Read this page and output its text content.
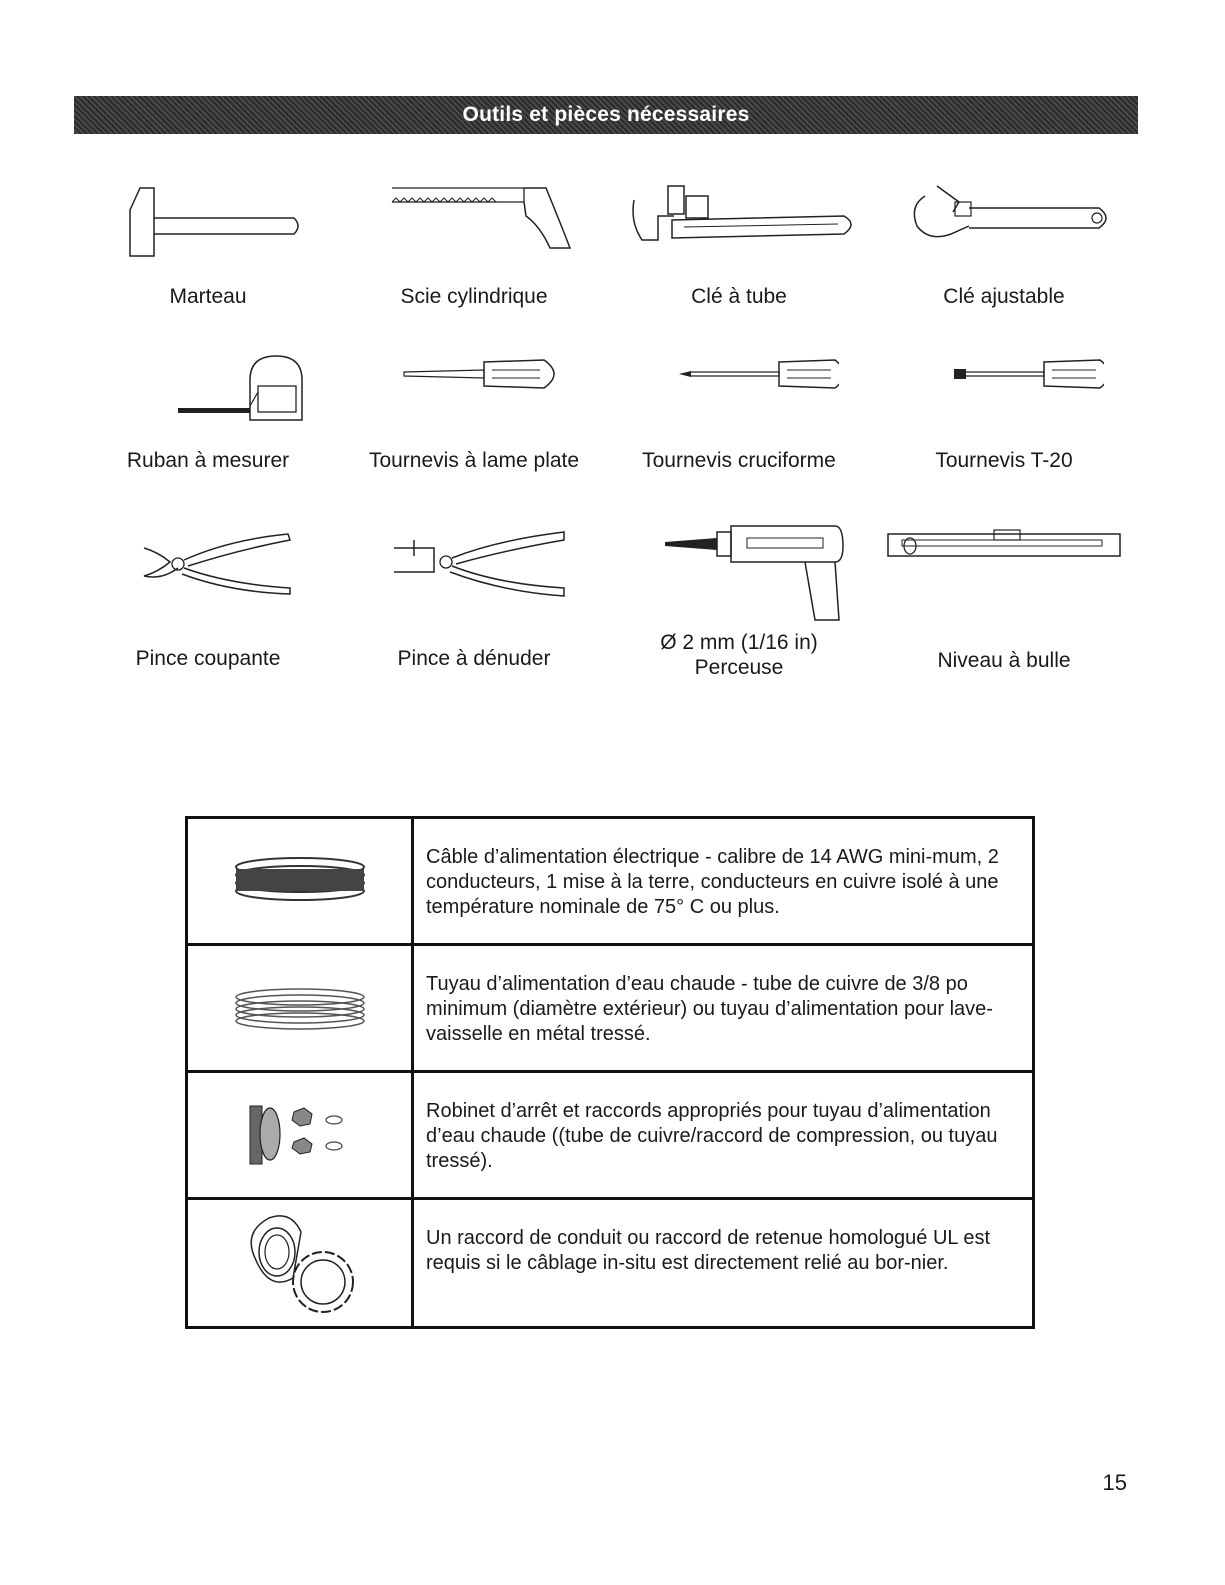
Outils et pièces nécessaires
Marteau	Scie cylindrique	Clé à tube	Clé ajustable
Ruban à mesurer	Tournevis à lame plate	Tournevis cruciforme	Tournevis T-20
Pince coupante	Pince à dénuder
Ø 2 mm (1/16 in)
Perceuse	Niveau à bulle
Câble d’alimentation électrique - calibre de 14 AWG mini-mum, 2 conducteurs, 1 mise à la terre, conducteurs en cuivre isolé à une température nominale de 75° C ou plus.
Tuyau d’alimentation d’eau chaude - tube de cuivre de 3/8 po minimum (diamètre extérieur) ou tuyau d’alimentation pour lave-vaisselle en métal tressé.
Robinet d’arrêt et raccords appropriés pour tuyau d’alimentation d’eau chaude ((tube de cuivre/raccord de compression, ou tuyau tressé).
Un raccord de conduit ou raccord de retenue homologué UL est requis si le câblage in-situ est directement relié au bor-nier.
15
